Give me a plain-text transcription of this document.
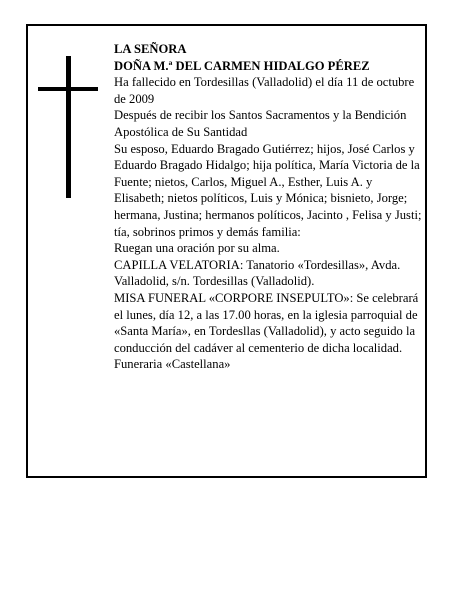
LA SEÑORA

DOÑA M.ª DEL CARMEN HIDALGO PÉREZ

Ha fallecido en Tordesillas (Valladolid) el día 11 de octubre

de 2009

Después de recibir los Santos Sacramentos y la Bendición Apostólica de Su Santidad

Su esposo, Eduardo Bragado Gutiérrez; hijos, José Carlos y Eduardo Bragado Hidalgo; hija política, María Victoria de la Fuente; nietos, Carlos, Miguel A., Esther, Luis A. y Elisabeth; nietos políticos, Luis y Mónica; bisnieto, Jorge; hermana, Justina; hermanos políticos, Jacinto , Felisa y Justi; tía, sobrinos primos y demás familia:

Ruegan una oración por su alma.

CAPILLA VELATORIA: Tanatorio «Tordesillas», Avda. Valladolid, s/n. Tordesillas (Valladolid).

MISA FUNERAL «CORPORE INSEPULTO»: Se celebrará el lunes, día 12, a las 17.00 horas, en la iglesia parroquial de «Santa María», en Tordesllas (Valladolid), y acto seguido la conducción del cadáver al cementerio de dicha localidad.

Funeraria «Castellana»
